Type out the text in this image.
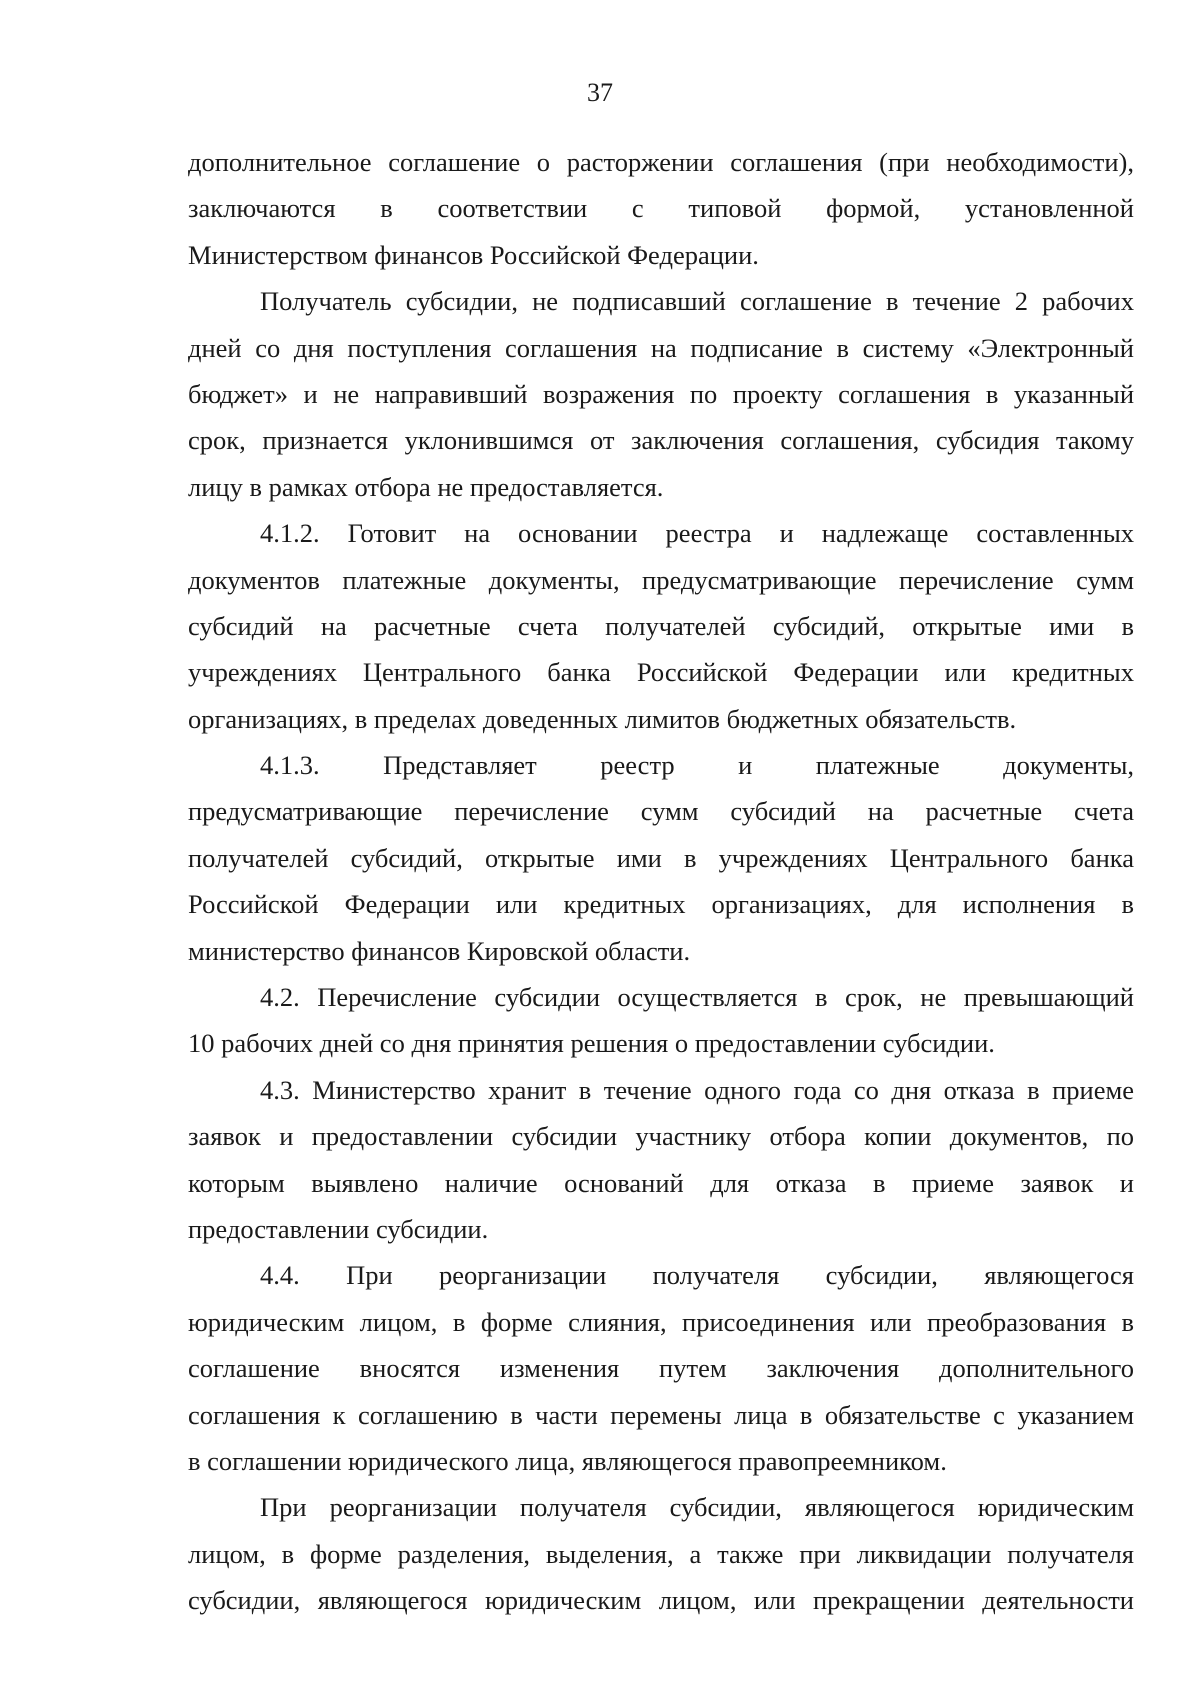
37
дополнительное соглашение о расторжении соглашения (при необходимости),
заключаются в соответствии с типовой формой, установленной
Министерством финансов Российской Федерации.
Получатель субсидии, не подписавший соглашение в течение 2 рабочих
дней со дня поступления соглашения на подписание в систему «Электронный
бюджет» и не направивший возражения по проекту соглашения в указанный
срок, признается уклонившимся от заключения соглашения, субсидия такому
лицу в рамках отбора не предоставляется.
4.1.2. Готовит на основании реестра и надлежаще составленных
документов платежные документы, предусматривающие перечисление сумм
субсидий на расчетные счета получателей субсидий, открытые ими в
учреждениях Центрального банка Российской Федерации или кредитных
организациях, в пределах доведенных лимитов бюджетных обязательств.
4.1.3. Представляет реестр и платежные документы,
предусматривающие перечисление сумм субсидий на расчетные счета
получателей субсидий, открытые ими в учреждениях Центрального банка
Российской Федерации или кредитных организациях, для исполнения в
министерство финансов Кировской области.
4.2. Перечисление субсидии осуществляется в срок, не превышающий
10 рабочих дней со дня принятия решения о предоставлении субсидии.
4.3. Министерство хранит в течение одного года со дня отказа в приеме
заявок и предоставлении субсидии участнику отбора копии документов, по
которым выявлено наличие оснований для отказа в приеме заявок и
предоставлении субсидии.
4.4. При реорганизации получателя субсидии, являющегося
юридическим лицом, в форме слияния, присоединения или преобразования в
соглашение вносятся изменения путем заключения дополнительного
соглашения к соглашению в части перемены лица в обязательстве с указанием
в соглашении юридического лица, являющегося правопреемником.
При реорганизации получателя субсидии, являющегося юридическим
лицом, в форме разделения, выделения, а также при ликвидации получателя
субсидии, являющегося юридическим лицом, или прекращении деятельности
